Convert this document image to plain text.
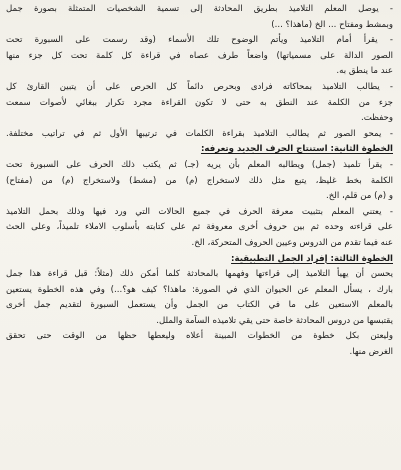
- يوصل المعلم التلاميذ بطريق المحادثة إلى تسمية الشخصيات المتمثلة بصورة جمل
وبمشط ومفتاح ... الخ (ماهذا؟ ...)
- يقرأ أمام التلاميذ ويأتم الوضوح تلك الأسماء (وقد رسمت على السبورة تحت
الصور الدالة على مسمياتها) واضعاً طرف عصاه في قراءة كل كلمة تحت كل جزء منها
عند ما ينطق به.
- يطالب التلاميذ بمحاكاته فرادى وبحرص دائماً كل الحرص على أن يتبين القارئ كل
جزء من الكلمة عند النطق به حتى لا تكون القراءة مجرد تكرار ببغائي لأصوات سمعت
وحفظت.
- يمحو الصور ثم يطالب التلاميذ بقراءة الكلمات في ترتيبها الأول ثم في تراتيب مختلفة.
الخطوة الثانية: استنتاج الحرف الجديد وتعرفه:
- يقرأ تلميذ (جمل) ويطالبه المعلم بأن يريه (جـ) ثم يكتب ذلك الحرف على السبورة تحت
الكلمة بخط غليظ، يتبع مثل ذلك لاستخراج (م) من (مشط) ولاستخراج (م) من (مفتاح)
و (م) من قلم، الخ.
- يعتني المعلم بتثبيت معرفة الحرف في جميع الحالات التي ورد فيها وذلك بحمل التلاميذ
على قراءته وحده ثم بين حروف أخرى معروفة ثم على كتابته بأسلوب الاملاء تلميذاً، وعلى الحث
عنه فيما تقدم من الدروس وعيين الحروف المتحركة، الخ.
الخطوة الثالثة: إفراد الجمل التطبيقية:
يحسن أن يهيأ التلاميذ إلى قراءتها وفهمها بالمحادثة كلما أمكن ذلك (مثلاً: قبل قراءة هذا جمل
بارك ، يسأل المعلم عن الحيوان الذي في الصورة: ماهذا؟ كيف هو؟...) وفي هذه الخطوة يستعين
بالمعلم الاستعين على ما في الكتاب من الجمل وأن يستعمل السبورة لتقديم جمل أخرى
يقتبسها من دروس المحادثة خاصة حتى يقي تلاميذه السآمة والملل.
وليعتن بكل خطوة من الخطوات المبينة أعلاه وليعطها حظها من الوقت حتى تحقق
الغرض منها.
